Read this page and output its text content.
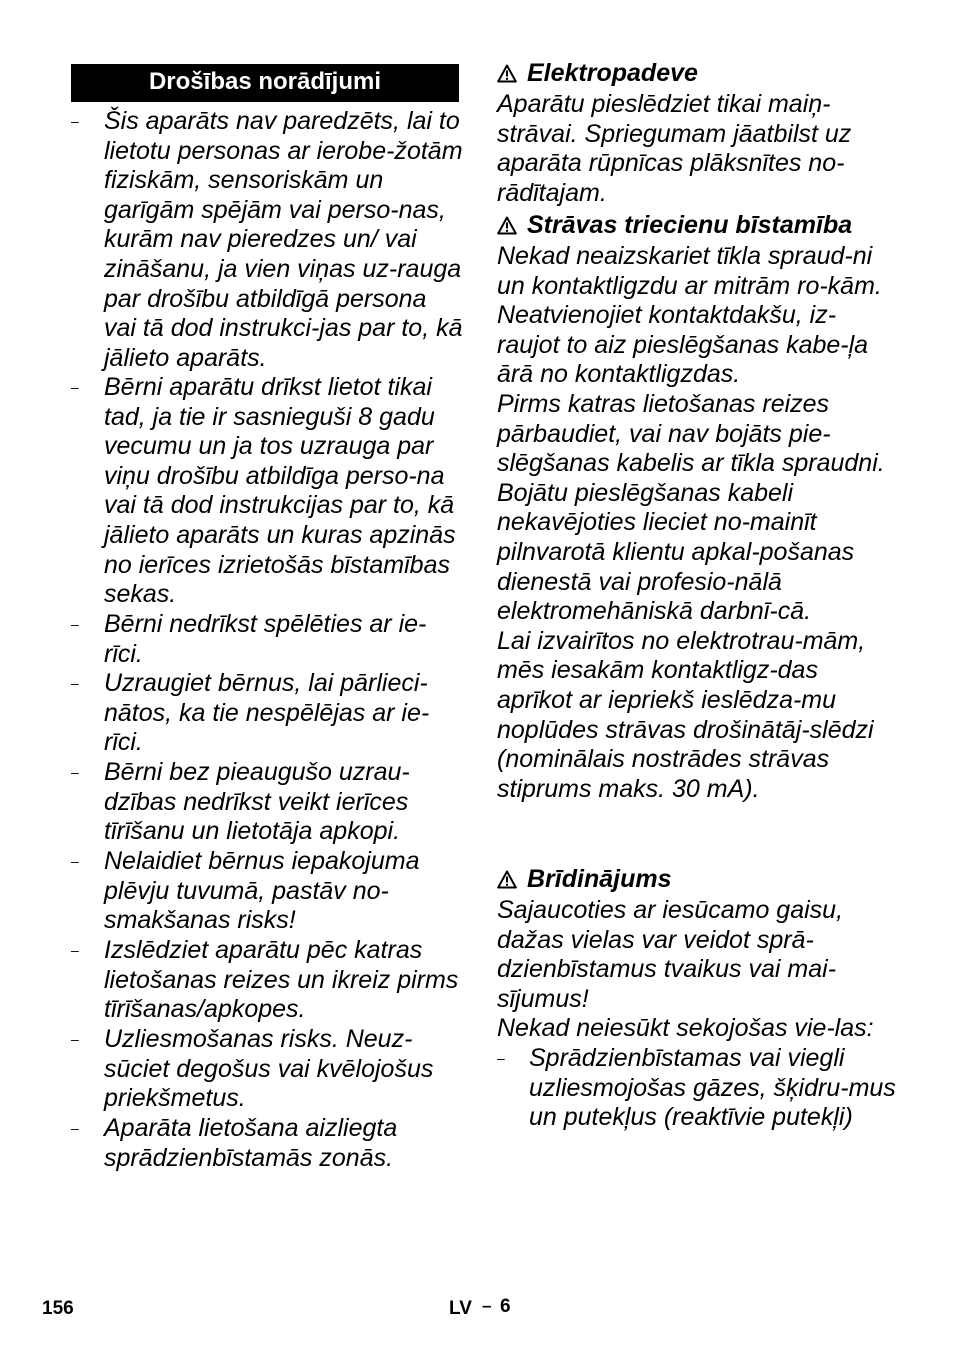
Drošības norādījumi
– Šis aparāts nav paredzēts, lai to lietotu personas ar ierobe-žotām fiziskām, sensoriskām un garīgām spējām vai perso-nas, kurām nav pieredzes un/ vai zināšanu, ja vien viņas uz-rauga par drošību atbildīgā persona vai tā dod instrukci-jas par to, kā jālieto aparāts.
– Bērni aparātu drīkst lietot tikai tad, ja tie ir sasnieguši 8 gadu vecumu un ja tos uzrauga par viņu drošību atbildīga perso-na vai tā dod instrukcijas par to, kā jālieto aparāts un kuras apzinās no ierīces izrietošās bīstamības sekas.
– Bērni nedrīkst spēlēties ar ie-rīci.
– Uzraugiet bērnus, lai pārlieci-nātos, ka tie nespēlējas ar ie-rīci.
– Bērni bez pieaugušo uzrau-dzības nedrīkst veikt ierīces tīrīšanu un lietotāja apkopi.
– Nelaidiet bērnus iepakojuma plēvju tuvumā, pastāv no-smakšanas risks!
– Izslēdziet aparātu pēc katras lietošanas reizes un ikreiz pirms tīrīšanas/apkopes.
– Uzliesmošanas risks. Neuz-sūciet degošus vai kvēlojošus priekšmetus.
– Aparāta lietošana aizliegta sprādzienbīstamās zonās.

Elektropadeve

Aparātu pieslēdziet tikai maiņ-strāvai. Spriegumam jāatbilst uz aparāta rūpnīcas plāksnītes no-rādītajam.

Strāvas triecienu bīstamība

Nekad neaizskariet tīkla spraud-ni un kontaktligzdu ar mitrām ro-kām.

Neatvienojiet kontaktdakšu, iz-raujot to aiz pieslēgšanas kabe-ļa ārā no kontaktligzdas.

Pirms katras lietošanas reizes pārbaudiet, vai nav bojāts pie-slēgšanas kabelis ar tīkla spraudni. Bojātu pieslēgšanas kabeli nekavējoties lieciet no-mainīt pilnvarotā klientu apkal-pošanas dienestā vai profesio-nālā elektromehāniskā darbnī-cā.

Lai izvairītos no elektrotrau-mām, mēs iesakām kontaktligz-das aprīkot ar iepriekš ieslēdza-mu noplūdes strāvas drošinātāj-slēdzi (nominālais nostrādes strāvas stiprums maks. 30 mA).

Brīdinājums

Sajaucoties ar iesūcamo gaisu, dažas vielas var veidot sprā-dzienbīstamus tvaikus vai mai-sījumus!

Nekad neiesūkt sekojošas vie-las:

– Sprādzienbīstamas vai viegli uzliesmojošas gāzes, šķidru-mus un putekļus (reaktīvie putekļi)
156	LV – 6
